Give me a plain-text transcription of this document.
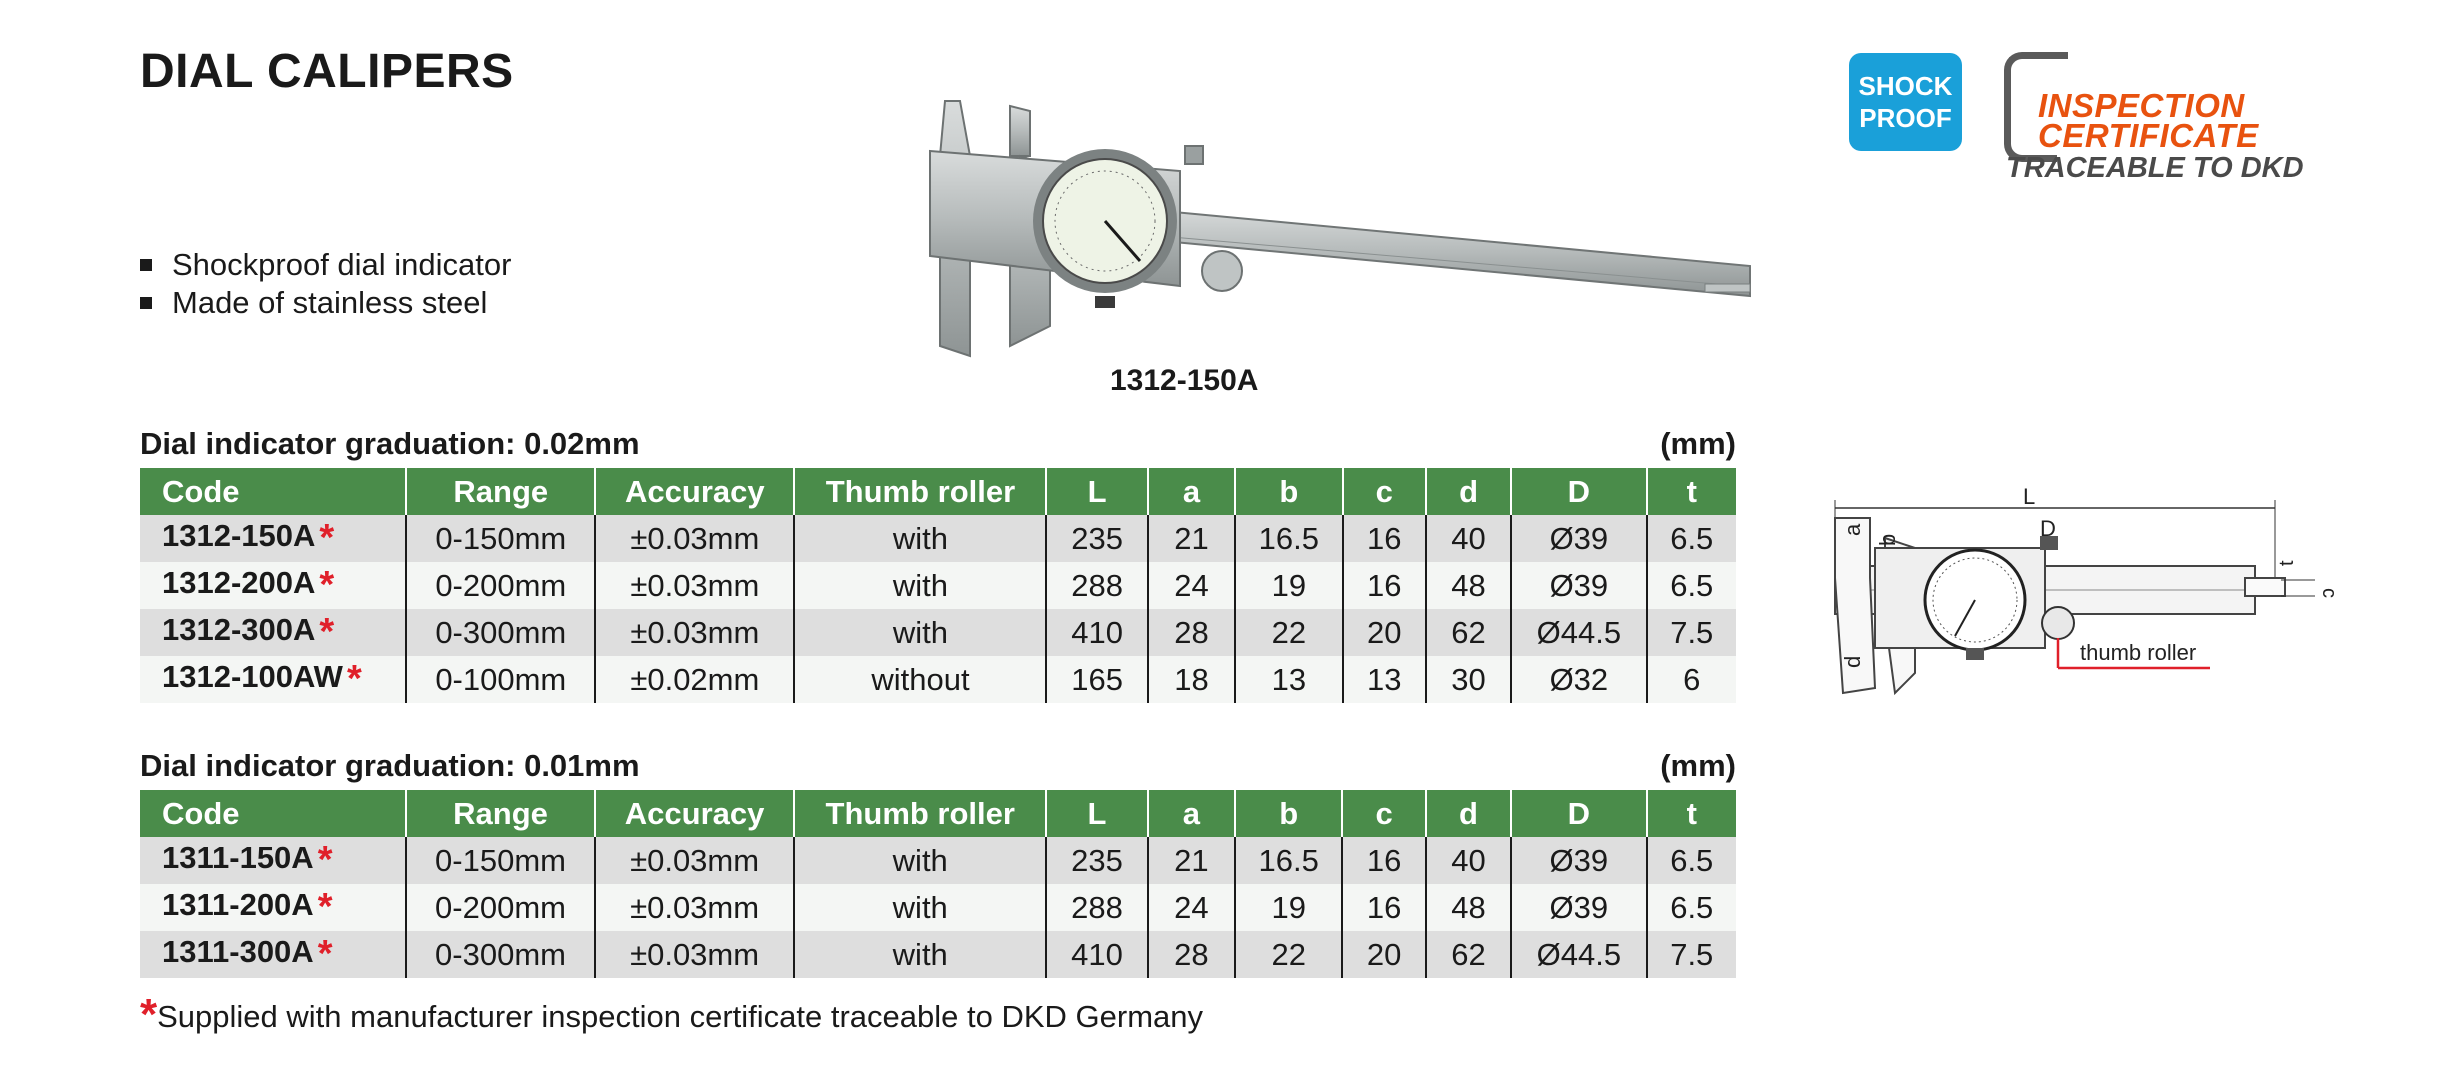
DIAL CALIPERS
Shockproof dial indicator
Made of stainless steel
1312-150A
SHOCK
PROOF	INSPECTION
CERTIFICATE
TRACEABLE TO DKD
Dial indicator graduation: 0.02mm	(mm)
Code	Range	Accuracy	Thumb roller	L	a	b	c	d	D	t
1312-150A *	0-150mm	±0.03mm	with	235	21	16.5	16	40	Ø39	6.5
1312-200A *	0-200mm	±0.03mm	with	288	24	19	16	48	Ø39	6.5
1312-300A *	0-300mm	±0.03mm	with	410	28	22	20	62	Ø44.5	7.5
1312-100AW *	0-100mm	±0.02mm	without	165	18	13	13	30	Ø32	6
Dial indicator graduation: 0.01mm	(mm)
Code	Range	Accuracy	Thumb roller	L	a	b	c	d	D	t
1311-150A *	0-150mm	±0.03mm	with	235	21	16.5	16	40	Ø39	6.5
1311-200A *	0-200mm	±0.03mm	with	288	24	19	16	48	Ø39	6.5
1311-300A *	0-300mm	±0.03mm	with	410	28	22	20	62	Ø44.5	7.5
*Supplied with manufacturer inspection certificate traceable to DKD Germany
L
a
b
d
D
t
c
thumb roller
